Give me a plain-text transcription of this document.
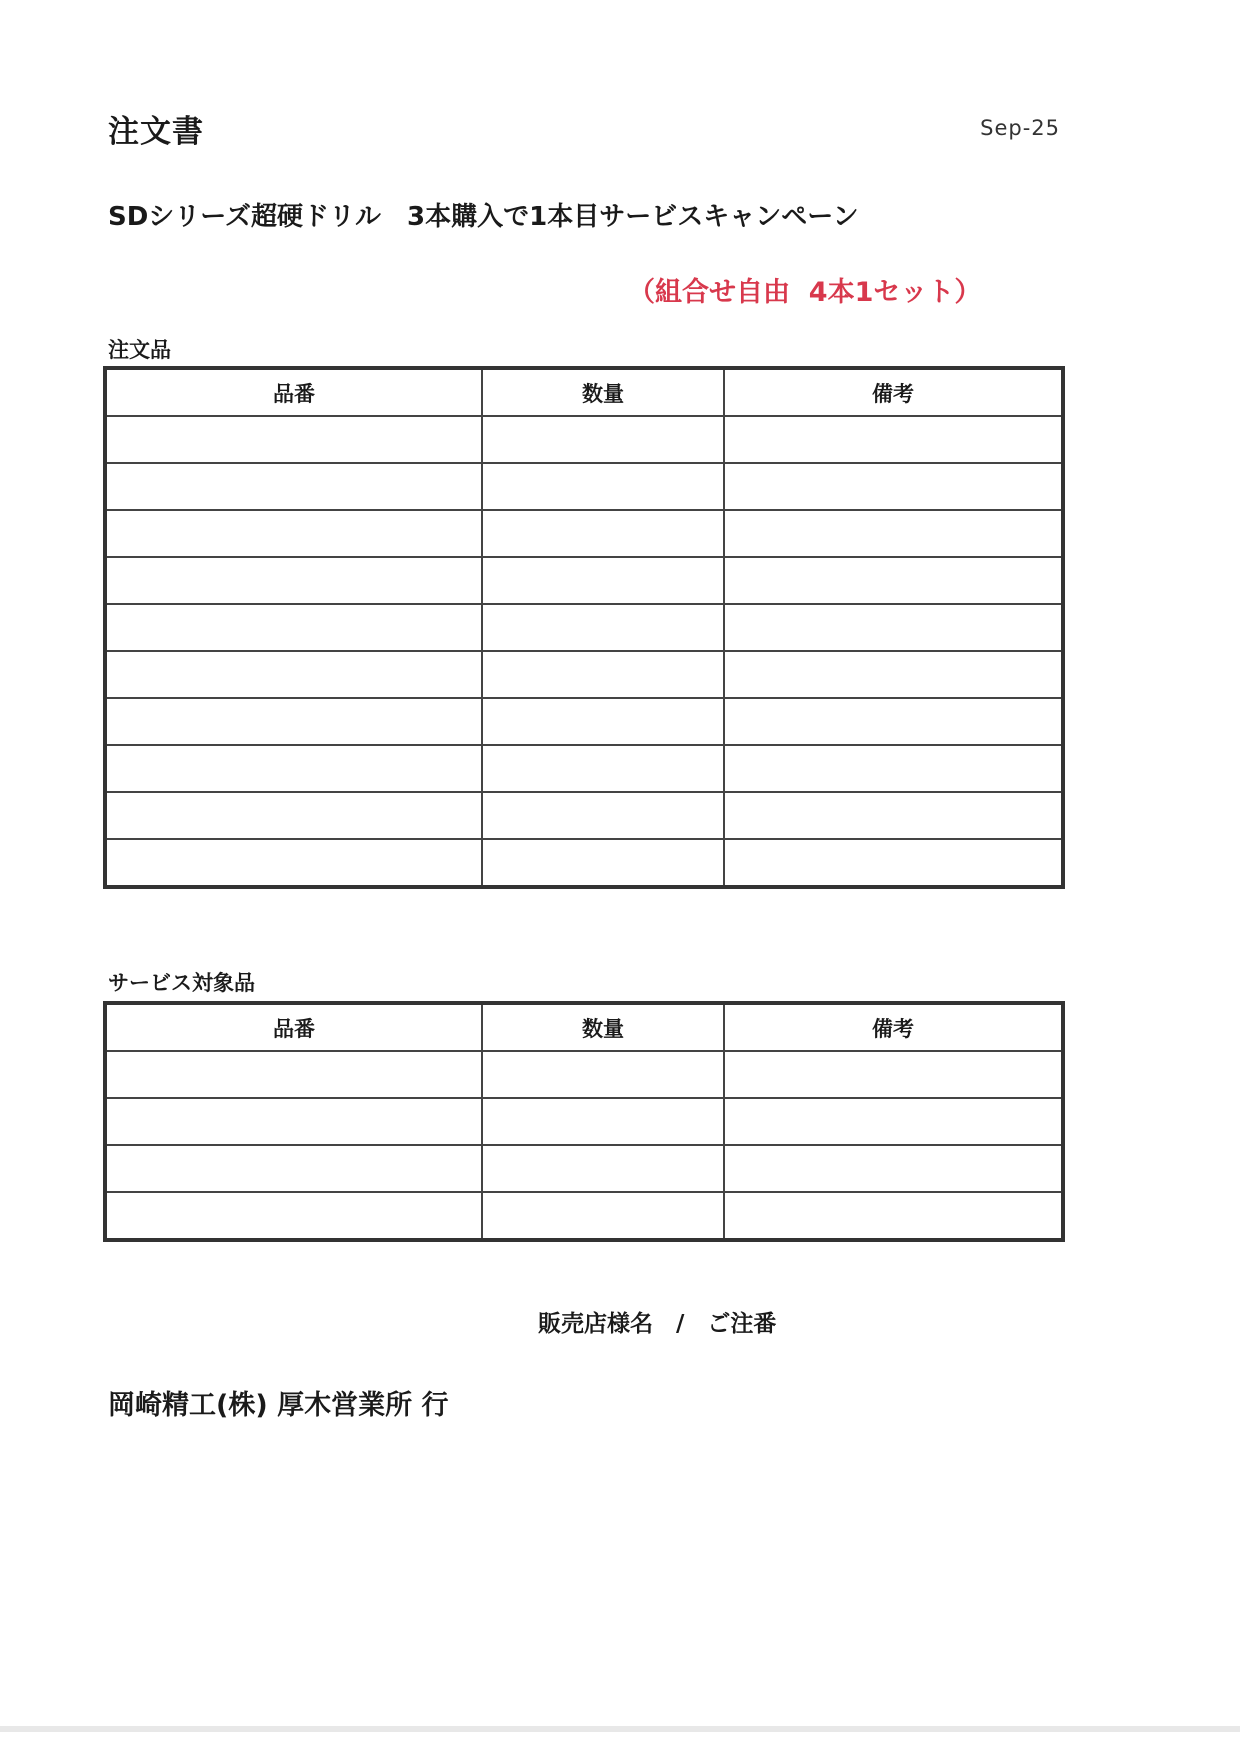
注文書	Sep-25
SDシリーズ超硬ドリル　3本購入で1本目サービスキャンペーン
（組合せ自由  4本1セット）
注文品
品番	数量	備考

サービス対象品
品番	数量	備考

販売店様名　/　ご注番
岡崎精工(株) 厚木営業所 行
